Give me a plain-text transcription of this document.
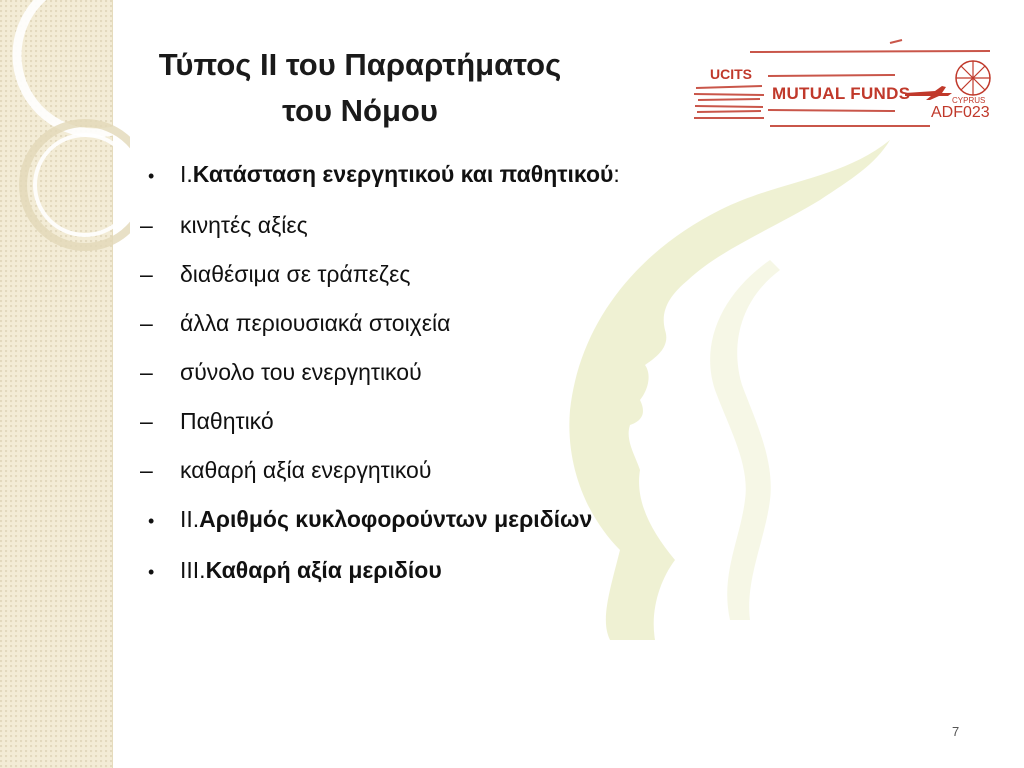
Τύπος ΙΙ του Παραρτήματος
του Νόμου
UCITS
MUTUAL FUNDS	CYPRUS
ADF023
•	I. Κατάσταση ενεργητικού και παθητικού :
–	κινητές αξίες
–	διαθέσιμα σε τράπεζες
–	άλλα περιουσιακά στοιχεία
–	σύνολο του ενεργητικού
–	Παθητικό
–	καθαρή αξία ενεργητικού
•	II. Αριθμός κυκλοφορούντων μεριδίων
•	III. Καθαρή αξία μεριδίου
7
